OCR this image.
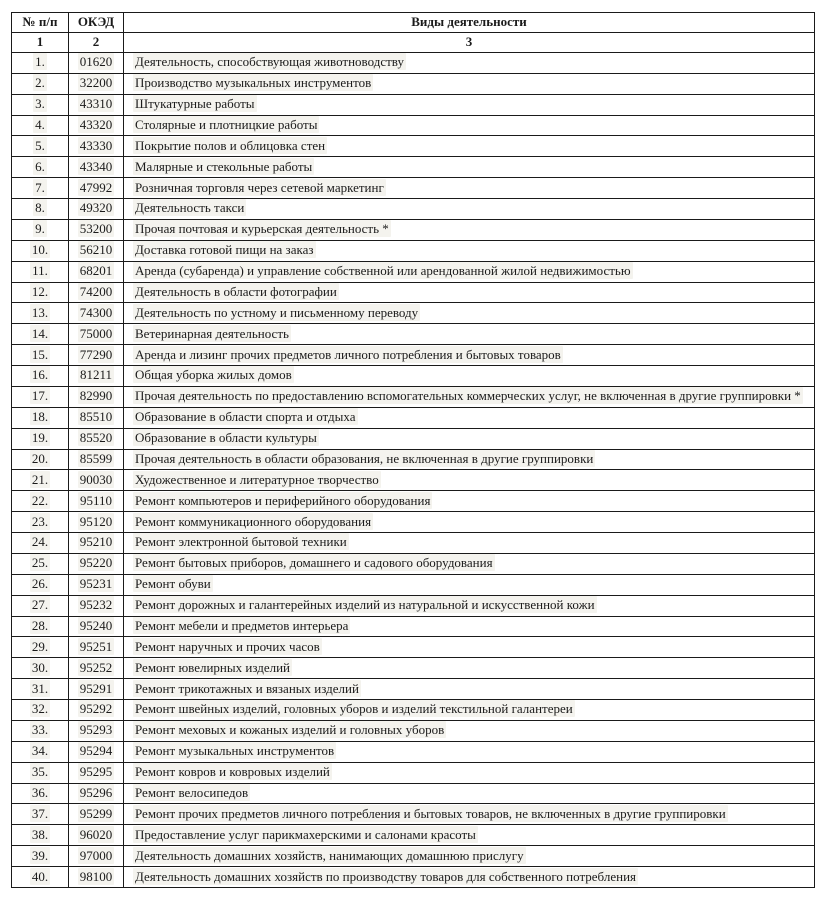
№ п/п	ОКЭД	Виды деятельности
1	2	3
1.	01620	Деятельность, способствующая животноводству
2.	32200	Производство музыкальных инструментов
3.	43310	Штукатурные работы
4.	43320	Столярные и плотницкие работы
5.	43330	Покрытие полов и облицовка стен
6.	43340	Малярные и стекольные работы
7.	47992	Розничная торговля через сетевой маркетинг
8.	49320	Деятельность такси
9.	53200	Прочая почтовая и курьерская деятельность *
10.	56210	Доставка готовой пищи на заказ
11.	68201	Аренда (субаренда) и управление собственной или арендованной жилой недвижимостью
12.	74200	Деятельность в области фотографии
13.	74300	Деятельность по устному и письменному переводу
14.	75000	Ветеринарная деятельность
15.	77290	Аренда и лизинг прочих предметов личного потребления и бытовых товаров
16.	81211	Общая уборка жилых домов
17.	82990	Прочая деятельность по предоставлению вспомогательных коммерческих услуг, не включенная в другие группировки *
18.	85510	Образование в области спорта и отдыха
19.	85520	Образование в области культуры
20.	85599	Прочая деятельность в области образования, не включенная в другие группировки
21.	90030	Художественное и литературное творчество
22.	95110	Ремонт компьютеров и периферийного оборудования
23.	95120	Ремонт коммуникационного оборудования
24.	95210	Ремонт электронной бытовой техники
25.	95220	Ремонт бытовых приборов, домашнего и садового оборудования
26.	95231	Ремонт обуви
27.	95232	Ремонт дорожных и галантерейных изделий из натуральной и искусственной кожи
28.	95240	Ремонт мебели и предметов интерьера
29.	95251	Ремонт наручных и прочих часов
30.	95252	Ремонт ювелирных изделий
31.	95291	Ремонт трикотажных и вязаных изделий
32.	95292	Ремонт швейных изделий, головных уборов и изделий текстильной галантереи
33.	95293	Ремонт меховых и кожаных изделий и головных уборов
34.	95294	Ремонт музыкальных инструментов
35.	95295	Ремонт ковров и ковровых изделий
36.	95296	Ремонт велосипедов
37.	95299	Ремонт прочих предметов личного потребления и бытовых товаров, не включенных в другие группировки
38.	96020	Предоставление услуг парикмахерскими и салонами красоты
39.	97000	Деятельность домашних хозяйств, нанимающих домашнюю прислугу
40.	98100	Деятельность домашних хозяйств по производству товаров для собственного потребления
